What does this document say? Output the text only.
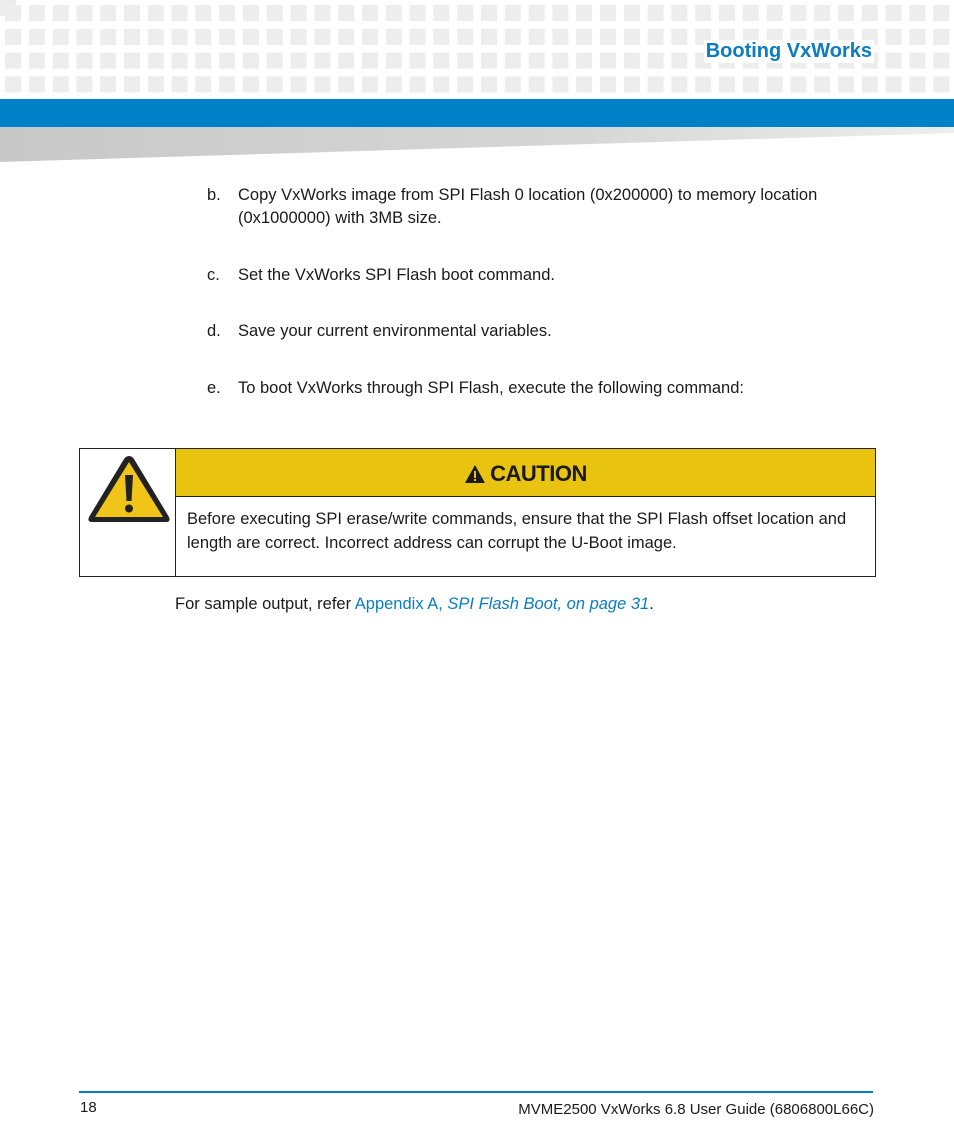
Booting VxWorks
b.	Copy VxWorks image from SPI Flash 0 location (0x200000) to memory location (0x1000000) with 3MB size.
c.	Set the VxWorks SPI Flash boot command.
d.	Save your current environmental variables.
e.	To boot VxWorks through SPI Flash, execute the following command:
CAUTION
Before executing SPI erase/write commands, ensure that the SPI Flash offset location and length are correct. Incorrect address can corrupt the U-Boot image.
For sample output, refer Appendix A, SPI Flash Boot, on page 31.
18	MVME2500 VxWorks 6.8 User Guide (6806800L66C)
